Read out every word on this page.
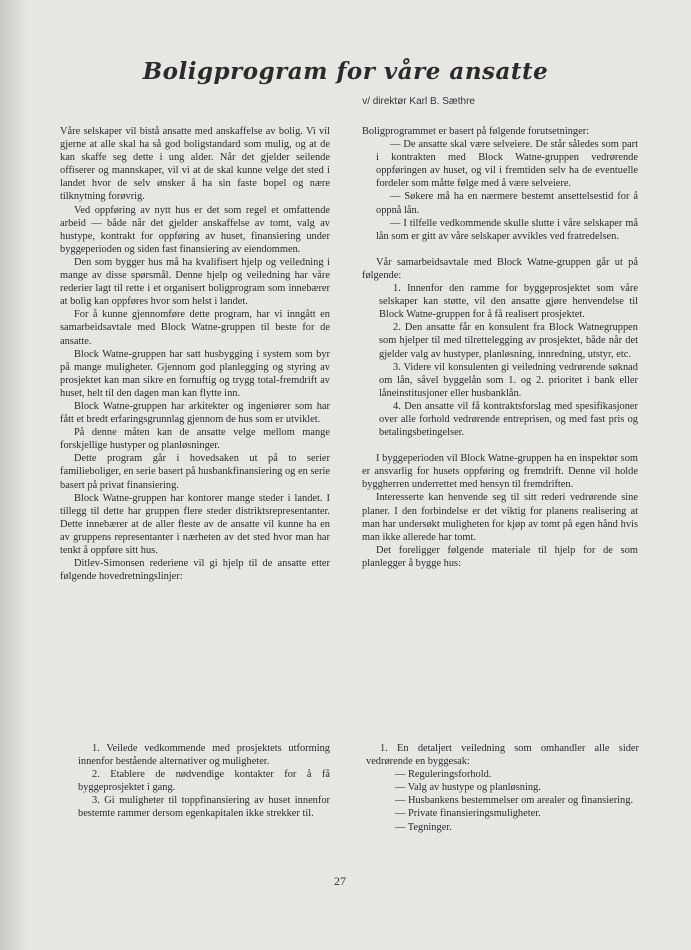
Boligprogram for våre ansatte
v/ direktør Karl B. Sæthre

Våre selskaper vil bistå ansatte med anskaffelse av bolig. Vi vil gjerne at alle skal ha så god boligstandard som mulig, og at de kan skaffe seg dette i ung alder. Når det gjelder seilende offiserer og mannskaper, vil vi at de skal kunne velge det sted i landet hvor de selv ønsker å ha sin faste bopel og nære tilknytning forøvrig.

Ved oppføring av nytt hus er det som regel et omfattende arbeid — både når det gjelder anskaffelse av tomt, valg av hustype, kontrakt for oppføring av huset, finansiering under byggeperioden og siden fast finansiering av eiendommen.

Den som bygger hus må ha kvalifisert hjelp og veiledning i mange av disse spørsmål. Denne hjelp og veiledning har våre rederier lagt til rette i et organisert boligprogram som innebærer at bolig kan oppføres hvor som helst i landet.

For å kunne gjennomføre dette program, har vi inngått en samarbeidsavtale med Block Watne-gruppen til beste for de ansatte.

Block Watne-gruppen har satt husbygging i system som byr på mange muligheter. Gjennom god planlegging og styring av prosjektet kan man sikre en fornuftig og trygg total-fremdrift av huset, helt til den dagen man kan flytte inn.

Block Watne-gruppen har arkitekter og ingeniører som har fått et bredt erfaringsgrunnlag gjennom de hus som er utviklet.

På denne måten kan de ansatte velge mellom mange forskjellige hustyper og planløsninger.

Dette program går i hovedsaken ut på to serier familieboliger, en serie basert på husbankfinansiering og en serie basert på privat finansiering.

Block Watne-gruppen har kontorer mange steder i landet. I tillegg til dette har gruppen flere steder distriktsrepresentanter. Dette innebærer at de aller fleste av de ansatte vil kunne ha en av gruppens representanter i nærheten av det sted hvor man har tenkt å oppføre sitt hus.

Ditlev-Simonsen rederiene vil gi hjelp til de ansatte etter følgende hovedretningslinjer:

Boligprogrammet er basert på følgende forutsetninger:

— De ansatte skal være selveiere. De står således som part i kontrakten med Block Watne-gruppen vedrørende oppføringen av huset, og vil i fremtiden selv ha de eventuelle fordeler som måtte følge med å være selveiere.

— Søkere må ha en nærmere bestemt ansettelsestid for å oppnå lån.

— I tilfelle vedkommende skulle slutte i våre selskaper må lån som er gitt av våre selskaper avvikles ved fratredelsen.

Vår samarbeidsavtale med Block Watne-gruppen går ut på følgende:

1. Innenfor den ramme for byggeprosjektet som våre selskaper kan støtte, vil den ansatte gjøre henvendelse til Block Watne-gruppen for å få realisert prosjektet.

2. Den ansatte får en konsulent fra Block Watnegruppen som hjelper til med tilrettelegging av prosjektet, både når det gjelder valg av hustyper, planløsning, innredning, utstyr, etc.

3. Videre vil konsulenten gi veiledning vedrørende søknad om lån, såvel byggelån som 1. og 2. prioritet i bank eller låneinstitusjoner eller husbanklån.

4. Den ansatte vil få kontraktsforslag med spesifikasjoner over alle forhold vedrørende entreprisen, og med fast pris og betalingsbetingelser.

I byggeperioden vil Block Watne-gruppen ha en inspektør som er ansvarlig for husets oppføring og fremdrift. Denne vil holde byggherren underrettet med hensyn til fremdriften.

Interesserte kan henvende seg til sitt rederi vedrørende sine planer. I den forbindelse er det viktig for planens realisering at man har undersøkt muligheten for kjøp av tomt på egen hånd hvis man ikke allerede har tomt.

Det foreligger følgende materiale til hjelp for de som planlegger å bygge hus:

1. Veilede vedkommende med prosjektets utforming innenfor bestående alternativer og muligheter.

2. Etablere de nødvendige kontakter for å få byggeprosjektet i gang.

3. Gi muligheter til toppfinansiering av huset innenfor bestemte rammer dersom egenkapitalen ikke strekker til.

1. En detaljert veiledning som omhandler alle sider vedrørende en byggesak:

— Reguleringsforhold.

— Valg av hustype og planløsning.

— Husbankens bestemmelser om arealer og finansiering.

— Private finansieringsmuligheter.

— Tegninger.

27
